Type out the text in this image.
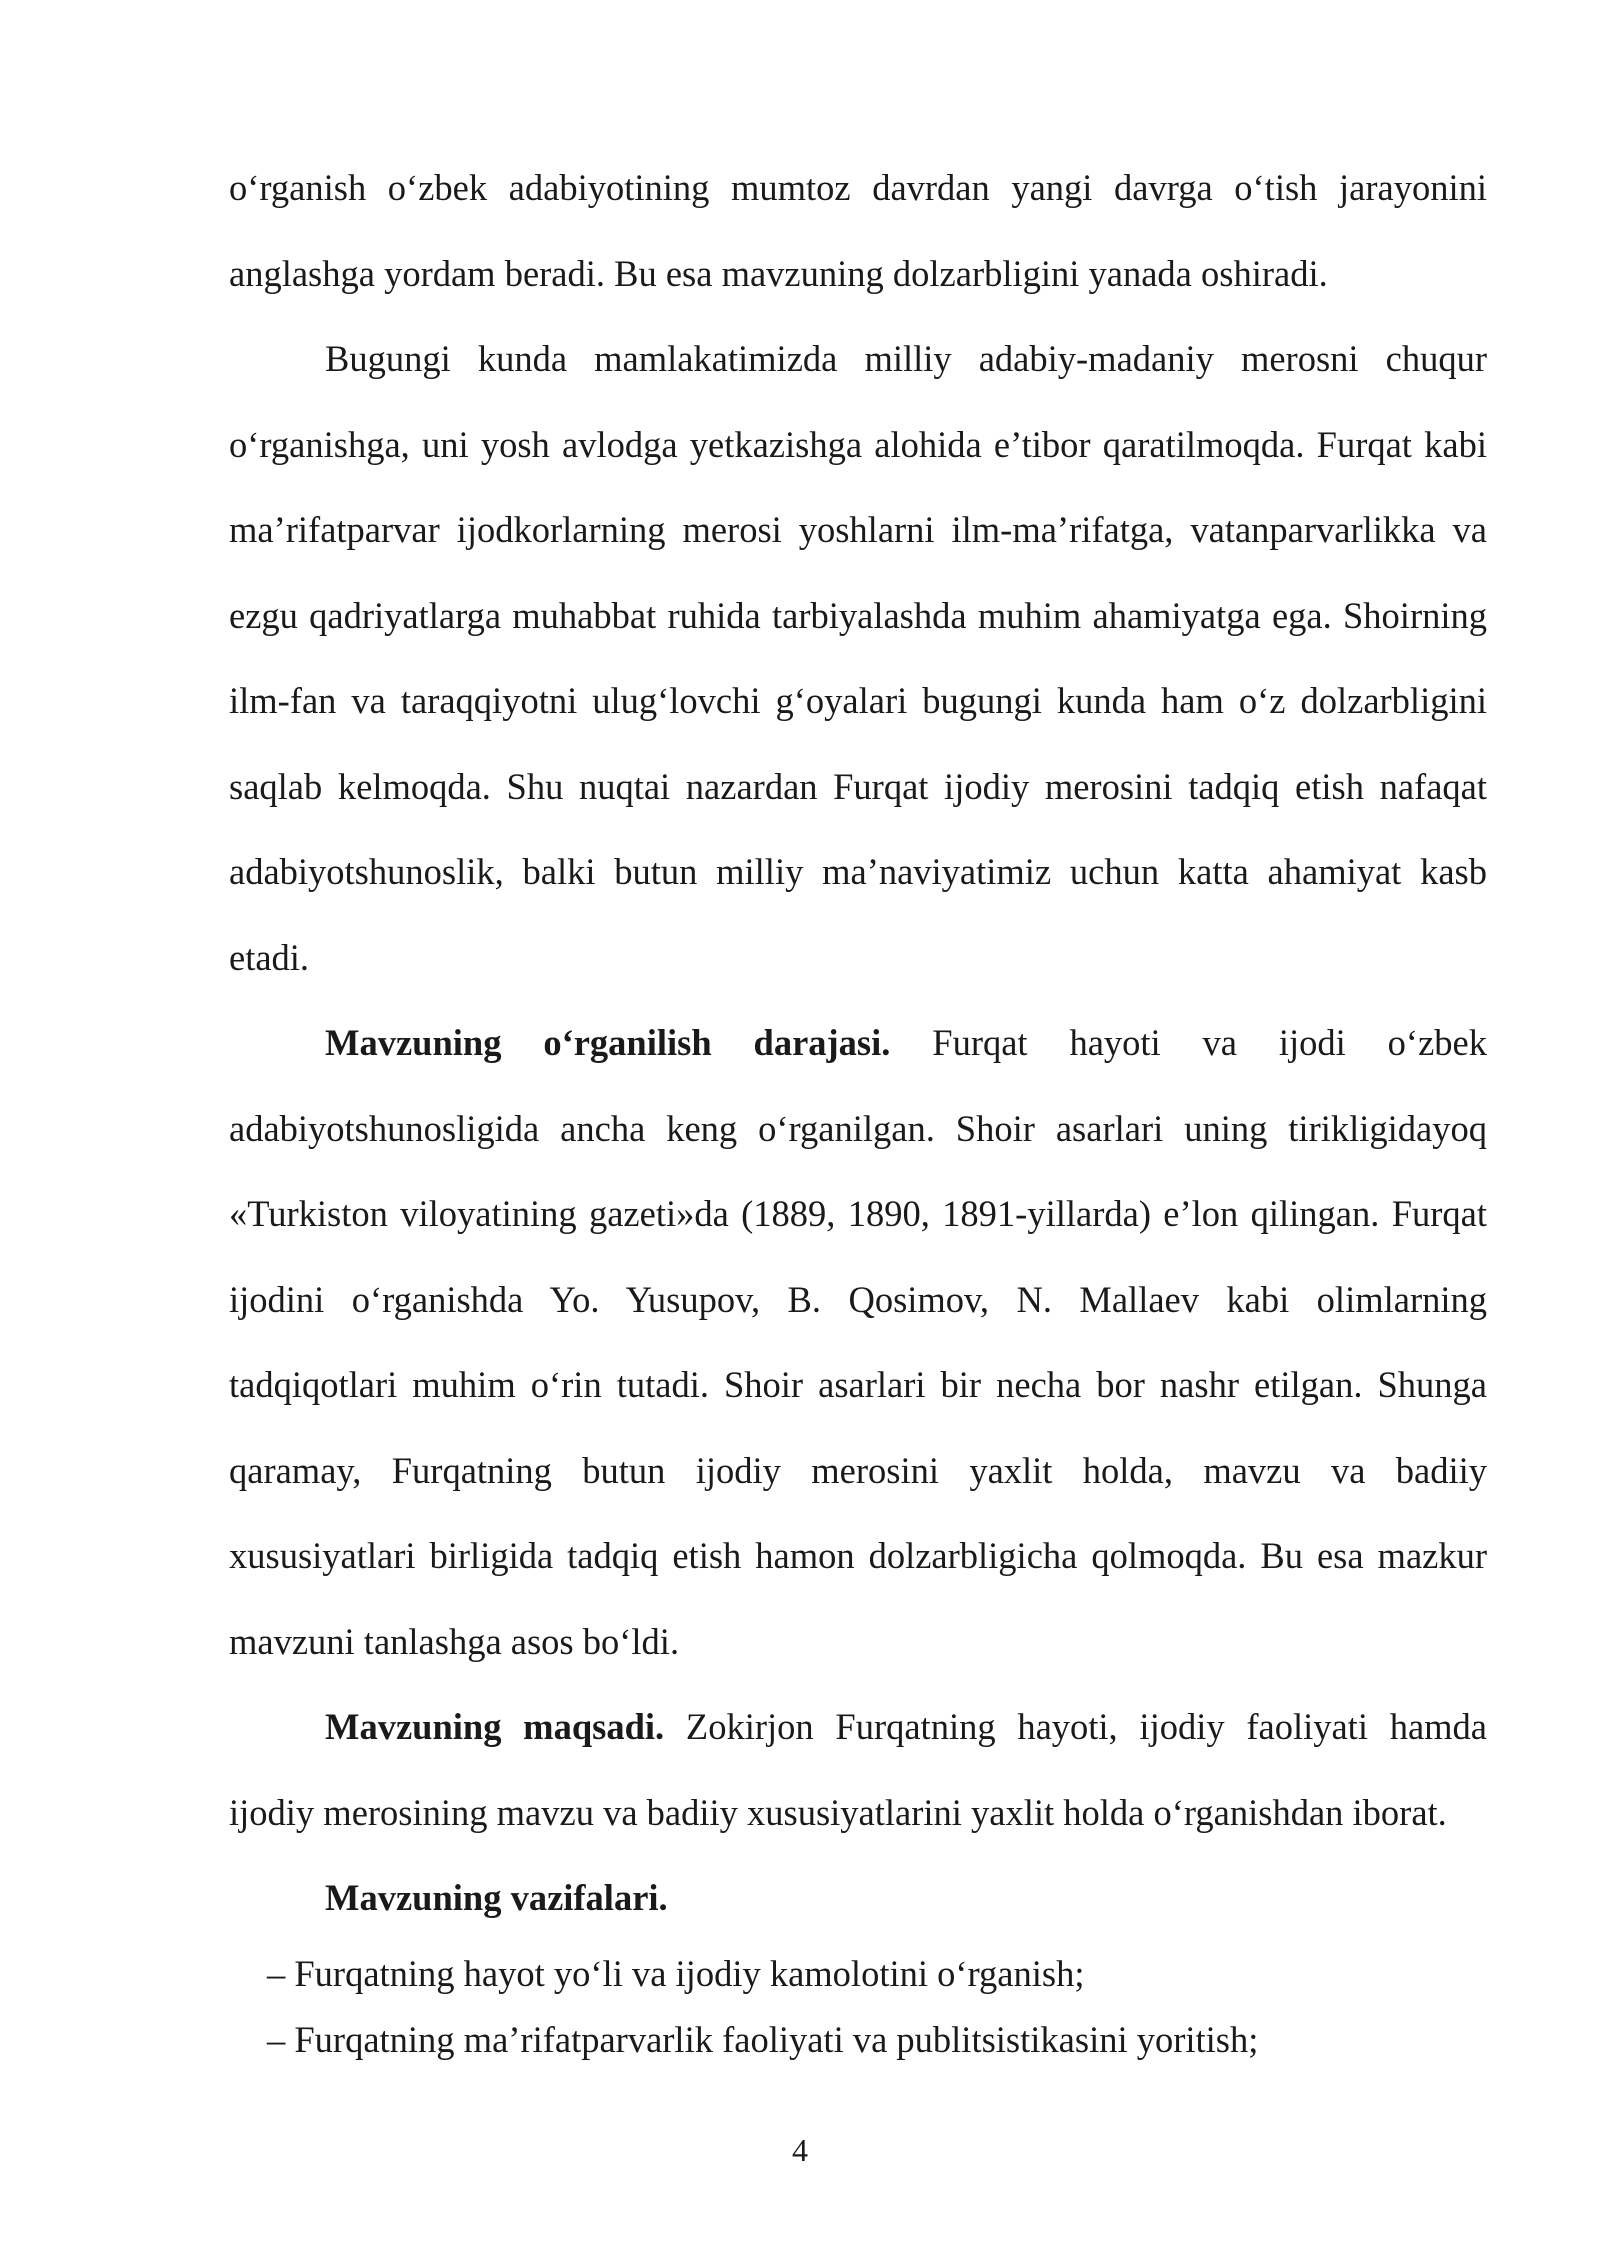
o‘rganish o‘zbek adabiyotining mumtoz davrdan yangi davrga o‘tish jarayonini anglashga yordam beradi. Bu esa mavzuning dolzarbligini yanada oshiradi.

Bugungi kunda mamlakatimizda milliy adabiy-madaniy merosni chuqur o‘rganishga, uni yosh avlodga yetkazishga alohida e’tibor qaratilmoqda. Furqat kabi ma’rifatparvar ijodkorlarning merosi yoshlarni ilm-ma’rifatga, vatanparvarlikka va ezgu qadriyatlarga muhabbat ruhida tarbiyalashda muhim ahamiyatga ega. Shoirning ilm-fan va taraqqiyotni ulug‘lovchi g‘oyalari bugungi kunda ham o‘z dolzarbligini saqlab kelmoqda. Shu nuqtai nazardan Furqat ijodiy merosini tadqiq etish nafaqat adabiyotshunoslik, balki butun milliy ma’naviyatimiz uchun katta ahamiyat kasb etadi.

Mavzuning o‘rganilish darajasi. Furqat hayoti va ijodi o‘zbek adabiyotshunosligida ancha keng o‘rganilgan. Shoir asarlari uning tirikligidayoq «Turkiston viloyatining gazeti»da (1889, 1890, 1891-yillarda) e’lon qilingan. Furqat ijodini o‘rganishda Yo. Yusupov, B. Qosimov, N. Mallaev kabi olimlarning tadqiqotlari muhim o‘rin tutadi. Shoir asarlari bir necha bor nashr etilgan. Shunga qaramay, Furqatning butun ijodiy merosini yaxlit holda, mavzu va badiiy xususiyatlari birligida tadqiq etish hamon dolzarbligicha qolmoqda. Bu esa mazkur mavzuni tanlashga asos bo‘ldi.

Mavzuning maqsadi. Zokirjon Furqatning hayoti, ijodiy faoliyati hamda ijodiy merosining mavzu va badiiy xususiyatlarini yaxlit holda o‘rganishdan iborat.

Mavzuning vazifalari.

– Furqatning hayot yo‘li va ijodiy kamolotini o‘rganish;
– Furqatning ma’rifatparvarlik faoliyati va publitsistikasini yoritish;
4
